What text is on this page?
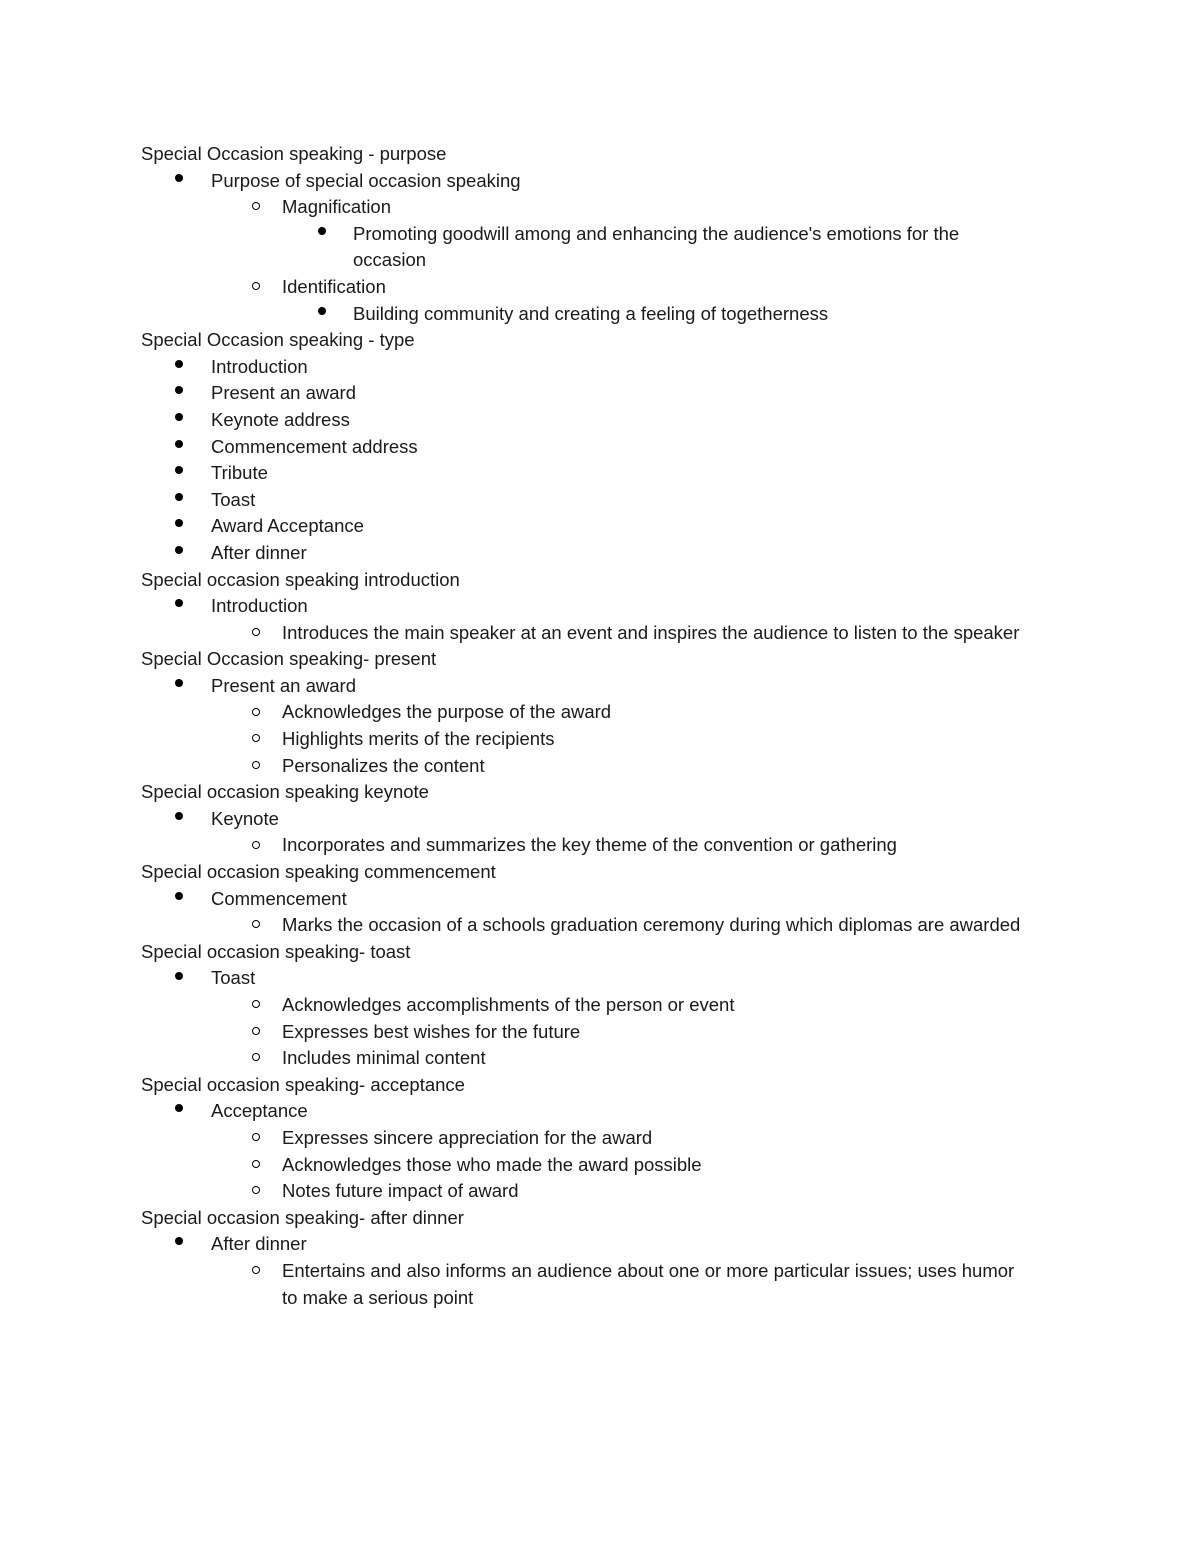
Special Occasion speaking - purpose
Purpose of special occasion speaking
Magnification
Promoting goodwill among and enhancing the audience's emotions for the occasion
Identification
Building community and creating a feeling of togetherness
Special Occasion speaking - type
Introduction
Present an award
Keynote address
Commencement address
Tribute
Toast
Award Acceptance
After dinner
Special occasion speaking introduction
Introduction
Introduces the main speaker at an event and inspires the audience to listen to the speaker
Special Occasion speaking- present
Present an award
Acknowledges the purpose of the award
Highlights merits of the recipients
Personalizes the content
Special occasion speaking keynote
Keynote
Incorporates and summarizes the key theme of the convention or gathering
Special occasion speaking commencement
Commencement
Marks the occasion of a schools graduation ceremony during which diplomas are awarded
Special occasion speaking- toast
Toast
Acknowledges accomplishments of the person or event
Expresses best wishes for the future
Includes minimal content
Special occasion speaking- acceptance
Acceptance
Expresses sincere appreciation for the award
Acknowledges those who made the award possible
Notes future impact of award
Special occasion speaking- after dinner
After dinner
Entertains and also informs an audience about one or more particular issues; uses humor to make a serious point
